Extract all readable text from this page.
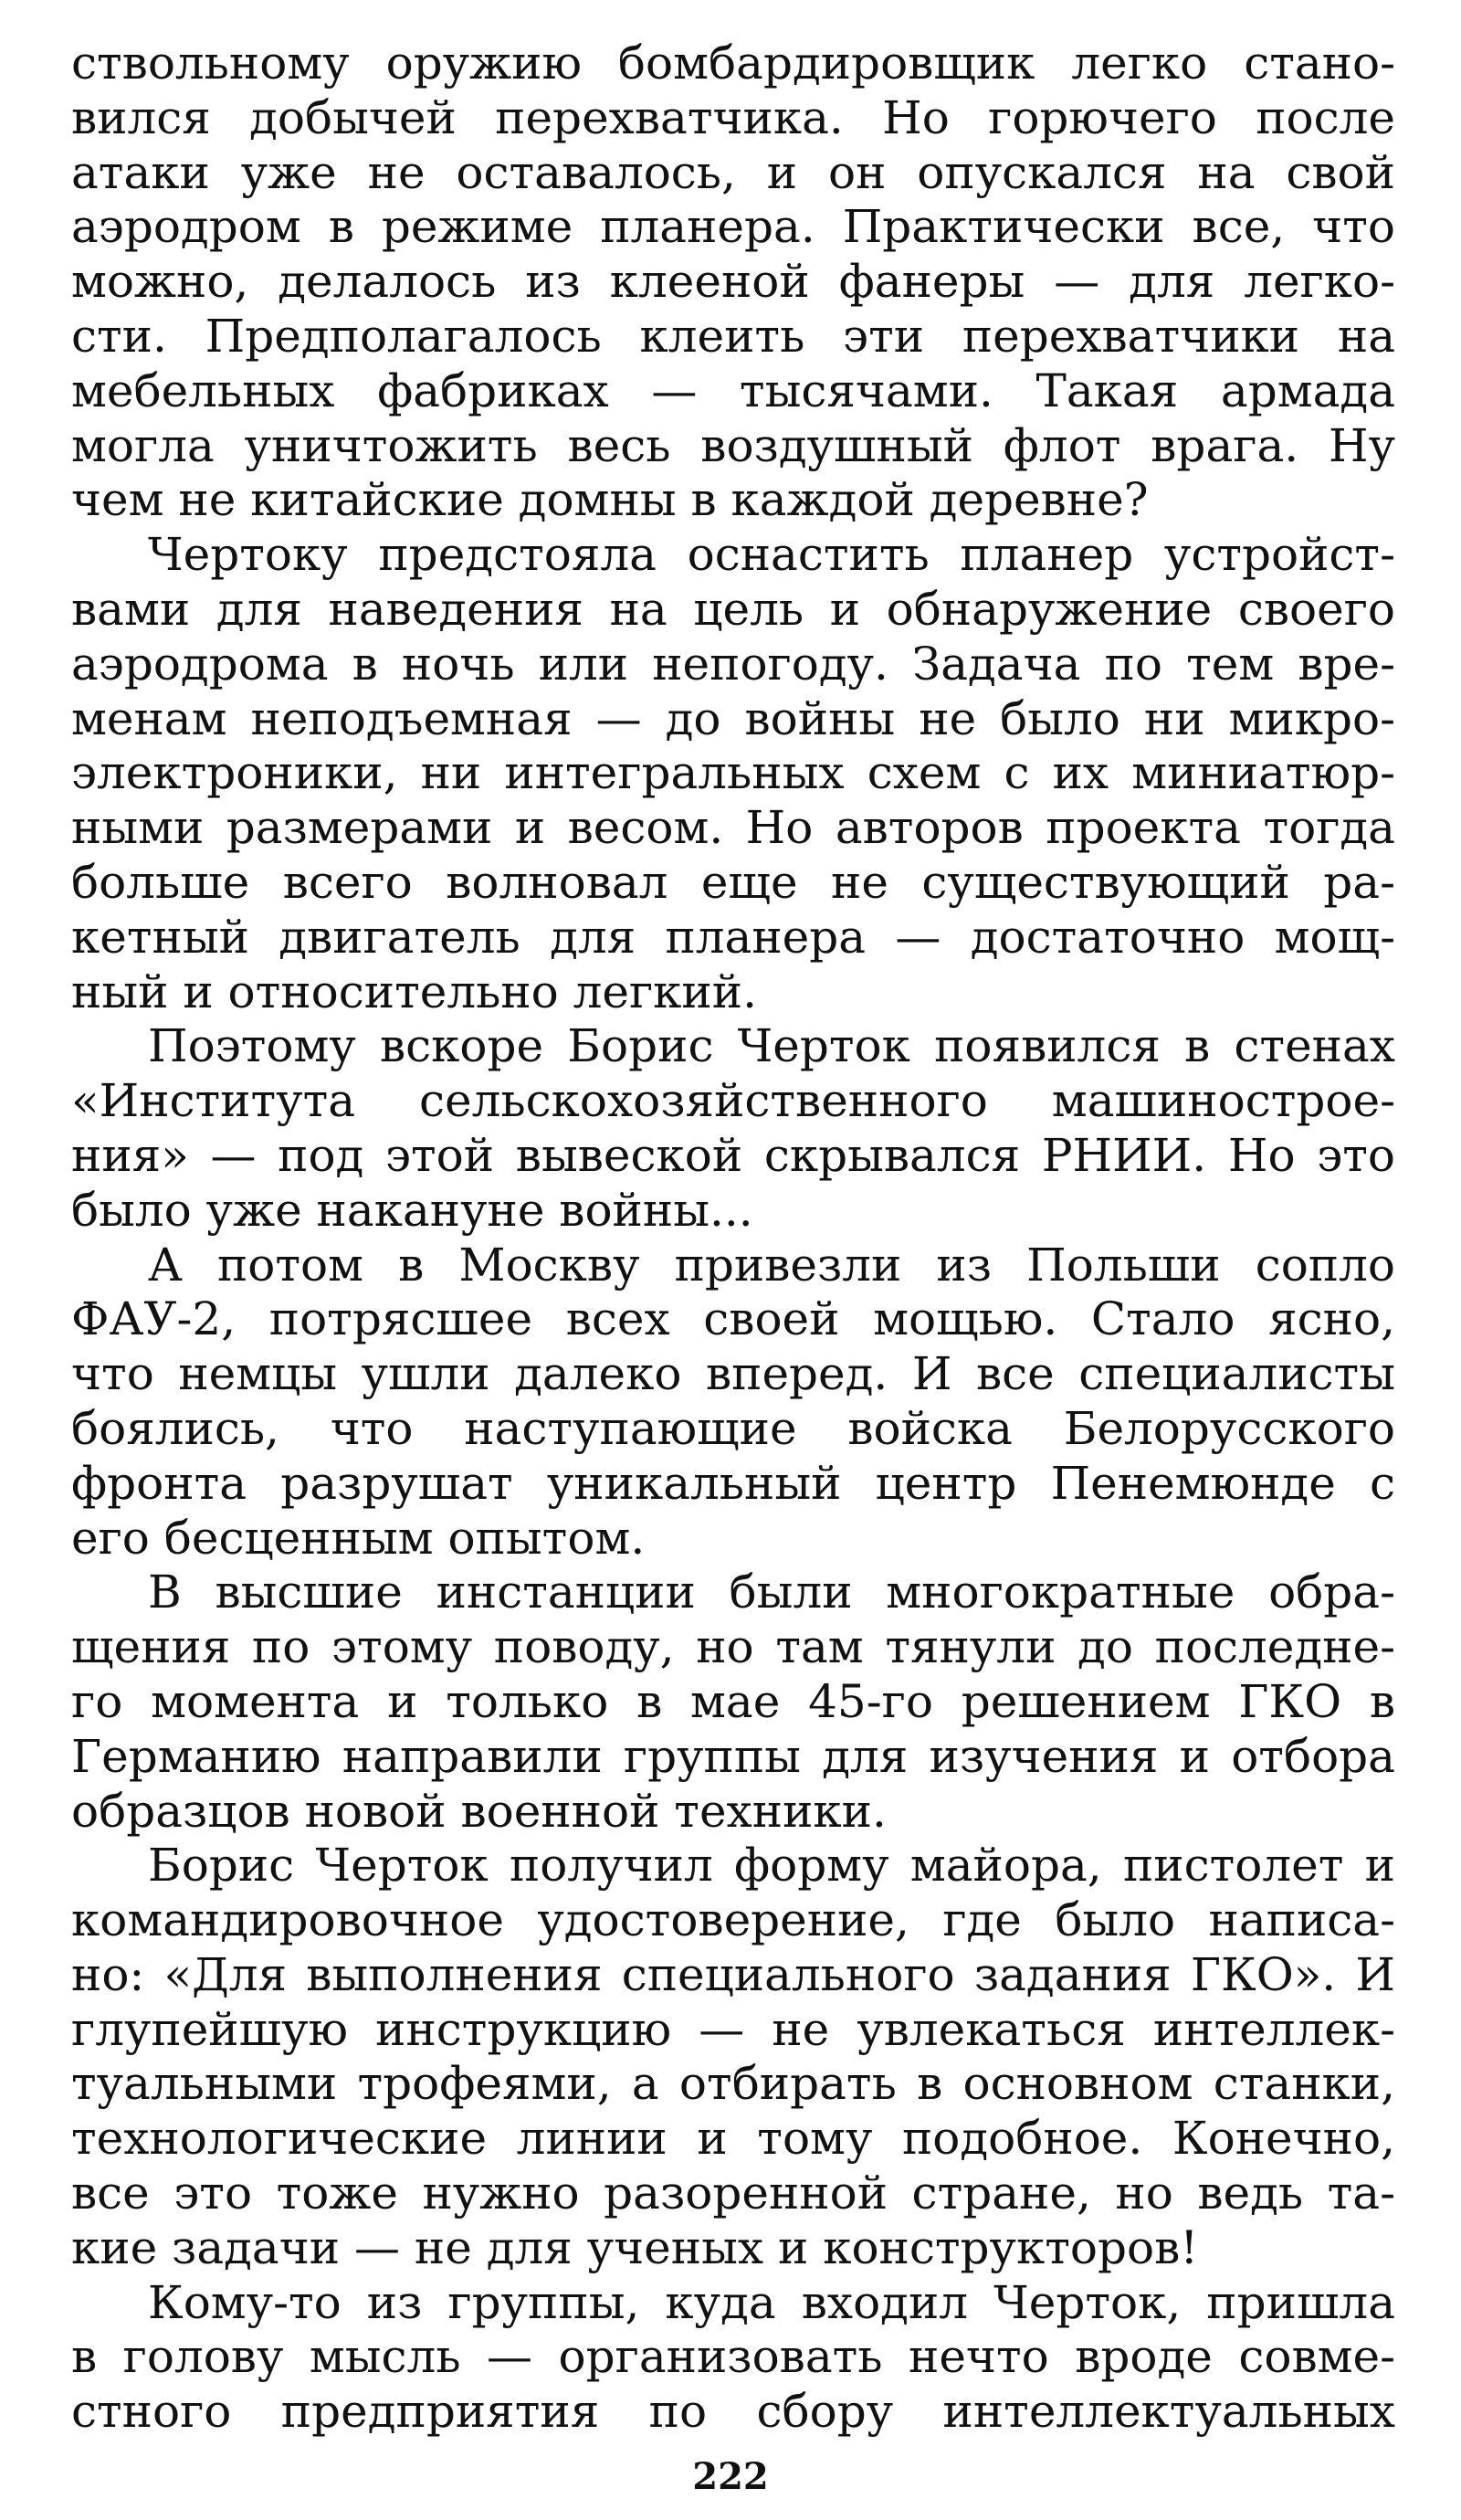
ствольному оружию бомбардировщик легко стано-
вился добычей перехватчика. Но горючего после
атаки уже не оставалось, и он опускался на свой
аэродром в режиме планера. Практически все, что
можно, делалось из клееной фанеры — для легко-
сти. Предполагалось клеить эти перехватчики на
мебельных фабриках — тысячами. Такая армада
могла уничтожить весь воздушный флот врага. Ну
чем не китайские домны в каждой деревне?
Чертоку предстояла оснастить планер устройст-
вами для наведения на цель и обнаружение своего
аэродрома в ночь или непогоду. Задача по тем вре-
менам неподъемная — до войны не было ни микро-
электроники, ни интегральных схем с их миниатюр-
ными размерами и весом. Но авторов проекта тогда
больше всего волновал еще не существующий ра-
кетный двигатель для планера — достаточно мощ-
ный и относительно легкий.
Поэтому вскоре Борис Черток появился в стенах
«Института сельскохозяйственного машинострое-
ния» — под этой вывеской скрывался РНИИ. Но это
было уже накануне войны...
А потом в Москву привезли из Польши сопло
ФАУ-2, потрясшее всех своей мощью. Стало ясно,
что немцы ушли далеко вперед. И все специалисты
боялись, что наступающие войска Белорусского
фронта разрушат уникальный центр Пенемюнде с
его бесценным опытом.
В высшие инстанции были многократные обра-
щения по этому поводу, но там тянули до последне-
го момента и только в мае 45-го решением ГКО в
Германию направили группы для изучения и отбора
образцов новой военной техники.
Борис Черток получил форму майора, пистолет и
командировочное удостоверение, где было написа-
но: «Для выполнения специального задания ГКО». И
глупейшую инструкцию — не увлекаться интеллек-
туальными трофеями, а отбирать в основном станки,
технологические линии и тому подобное. Конечно,
все это тоже нужно разоренной стране, но ведь та-
кие задачи — не для ученых и конструкторов!
Кому-то из группы, куда входил Черток, пришла
в голову мысль — организовать нечто вроде совме-
стного предприятия по сбору интеллектуальных
222
